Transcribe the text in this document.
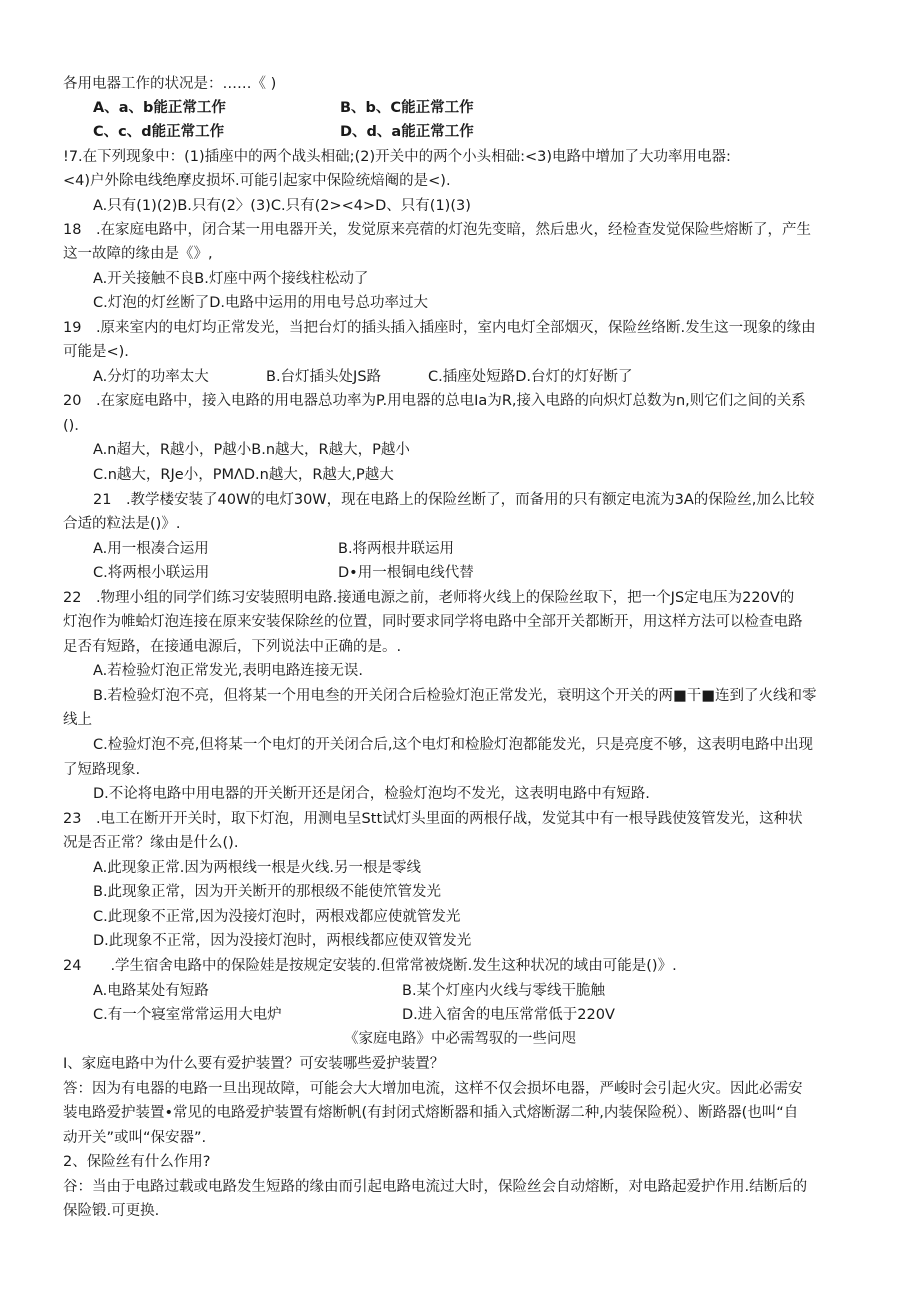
各用电器工作的状况是：……《 )
A、a、b能正常工作	B、b、C能正常工作
C、c、d能正常工作	D、d、a能正常工作
!7.在下列现象中：(1)插座中的两个战头相础;(2)开关中的两个小头相础:<3)电路中增加了大功率用电器:
<4)户外除电线绝摩皮损坏.可能引起家中保险统焙阉的是<).
A.只有(1)(2)B.只有(2〉(3)C.只有(2><4>D、只有(1)(3)
18　.在家庭电路中，闭合某一用电器开关，发觉原来亮蓿的灯泡先变暗，然后患火，经检查发觉保险些熔断了，产生
这一故障的缘由是《》,
A.开关接触不良B.灯座中两个接线柱松动了
C.灯泡的灯丝断了D.电路中运用的用电号总功率过大
19　.原来室内的电灯均正常发光，当把台灯的插头插入插座时，室内电灯全部烟灭，保险丝络断.发生这一现象的缘由
可能是<).
A.分灯的功率太大	B.台灯插头处JS路	C.插座处短路D.台灯的灯好断了
20　.在家庭电路中，接入电路的用电器总功率为P.用电器的总电Ia为R,接入电路的向炽灯总数为n,则它们之间的关系
()．
A.n超大，R越小，P越小B.n越大，R越大，P越小
C.n越大，RJe小，PMΛD.n越大，R越大,P越大
21　.教学楼安装了40W的电灯30W，现在电路上的保险丝断了，而备用的只有额定电流为3A的保险丝,加么比较
合适的粒法是()》.
A.用一根凑合运用	B.将两根井联运用
C.将两根小联运用	D•用一根铜电线代替
22　.物理小组的同学们练习安装照明电路.接通电源之前，老师将火线上的保险丝取下，把一个JS定电压为220V的
灯泡作为帷蛤灯泡连接在原来安装保除丝的位置，同时要求同学将电路中全部开关都断开，用这样方法可以检查电路
足否有短路，在接通电源后，下列说法中正确的是。.
A.若检验灯泡正常发光,表明电路连接无误.
B.若检验灯泡不亮，但将某一个用电叁的开关闭合后检验灯泡正常发光，衰明这个开关的两■干■连到了火线和零
线上
C.检验灯泡不亮,但将某一个电灯的开关闭合后,这个电灯和检脸灯泡都能发光，只是亮度不够，这表明电路中出现
了短路现象.
D.不论将电路中用电器的开关断开还是闭合，检验灯泡均不发光，这表明电路中有短路.
23　.电工在断开开关时，取下灯泡，用测电呈Stt试灯头里面的两根仔战，发觉其中有一根导践使笈管发光，这种状
况是否正常？缘由是什么().
A.此现象正常.因为两根线一根是火线.另一根是零线
B.此现象正常，因为开关断开的那根级不能使笊管发光
C.此现象不正常,因为没接灯泡时，两根戏都应使就管发光
D.此现象不正常，因为没接灯泡时，两根线都应使双管发光
24　　.学生宿舍电路中的保险娃是按规定安装的.但常常被烧断.发生这种状况的域由可能是()》.
A.电路某处有短路	B.某个灯座内火线与零线干脆触
C.有一个寝室常常运用大电炉	D.进入宿舍的电压常常低于220V
《家庭电路》中必需驾驭的一些问咫
I、家庭电路中为什么要有爱护装置？可安装哪些爱护装置？
答：因为有电器的电路一旦出现故障，可能会大大增加电流，这样不仅会损坏电器，严峻时会引起火灾。因此必需安
装电路爱护装置•常见的电路爱护装置有熔断帆(有封闭式熔断器和插入式熔断潺二种,内装保险税）、断路器(也叫“自
动开关”或叫“保安器”.
2、保险丝有什么作用?
谷：当由于电路过载或电路发生短路的缘由而引起电路电流过大时，保险丝会自动熔断，对电路起爱护作用.结断后的
保险锻.可更换.
